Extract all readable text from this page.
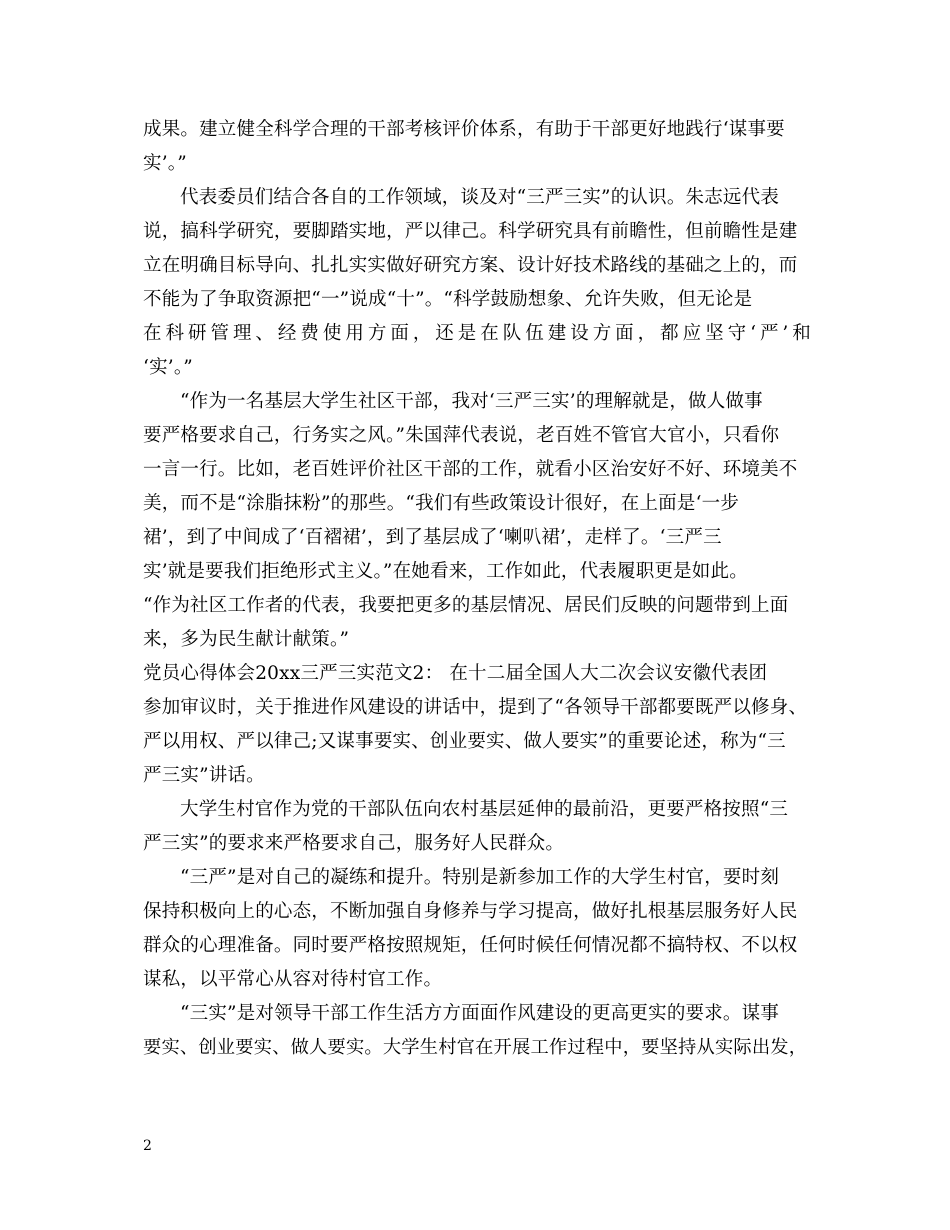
成果。建立健全科学合理的干部考核评价体系，有助于干部更好地践行‘谋事要
实’。”
代表委员们结合各自的工作领域，谈及对“三严三实”的认识。朱志远代表
说，搞科学研究，要脚踏实地，严以律己。科学研究具有前瞻性，但前瞻性是建
立在明确目标导向、扎扎实实做好研究方案、设计好技术路线的基础之上的，而
不能为了争取资源把“一”说成“十”。“科学鼓励想象、允许失败，但无论是
在科研管理、经费使用方面，还是在队伍建设方面，都应坚守‘严’和
‘实’。”
“作为一名基层大学生社区干部，我对‘三严三实’的理解就是，做人做事
要严格要求自己，行务实之风。”朱国萍代表说，老百姓不管官大官小，只看你
一言一行。比如，老百姓评价社区干部的工作，就看小区治安好不好、环境美不
美，而不是“涂脂抹粉”的那些。“我们有些政策设计很好，在上面是‘一步
裙’，到了中间成了‘百褶裙’，到了基层成了‘喇叭裙’，走样了。‘三严三
实’就是要我们拒绝形式主义。”在她看来，工作如此，代表履职更是如此。
“作为社区工作者的代表，我要把更多的基层情况、居民们反映的问题带到上面
来，多为民生献计献策。”
党员心得体会20xx三严三实范文2： 在十二届全国人大二次会议安徽代表团
参加审议时，关于推进作风建设的讲话中，提到了“各领导干部都要既严以修身、
严以用权、严以律己;又谋事要实、创业要实、做人要实”的重要论述，称为“三
严三实”讲话。
大学生村官作为党的干部队伍向农村基层延伸的最前沿，更要严格按照“三
严三实”的要求来严格要求自己，服务好人民群众。
“三严”是对自己的凝练和提升。特别是新参加工作的大学生村官，要时刻
保持积极向上的心态，不断加强自身修养与学习提高，做好扎根基层服务好人民
群众的心理准备。同时要严格按照规矩，任何时候任何情况都不搞特权、不以权
谋私，以平常心从容对待村官工作。
“三实”是对领导干部工作生活方方面面作风建设的更高更实的要求。谋事
要实、创业要实、做人要实。大学生村官在开展工作过程中，要坚持从实际出发，
2
